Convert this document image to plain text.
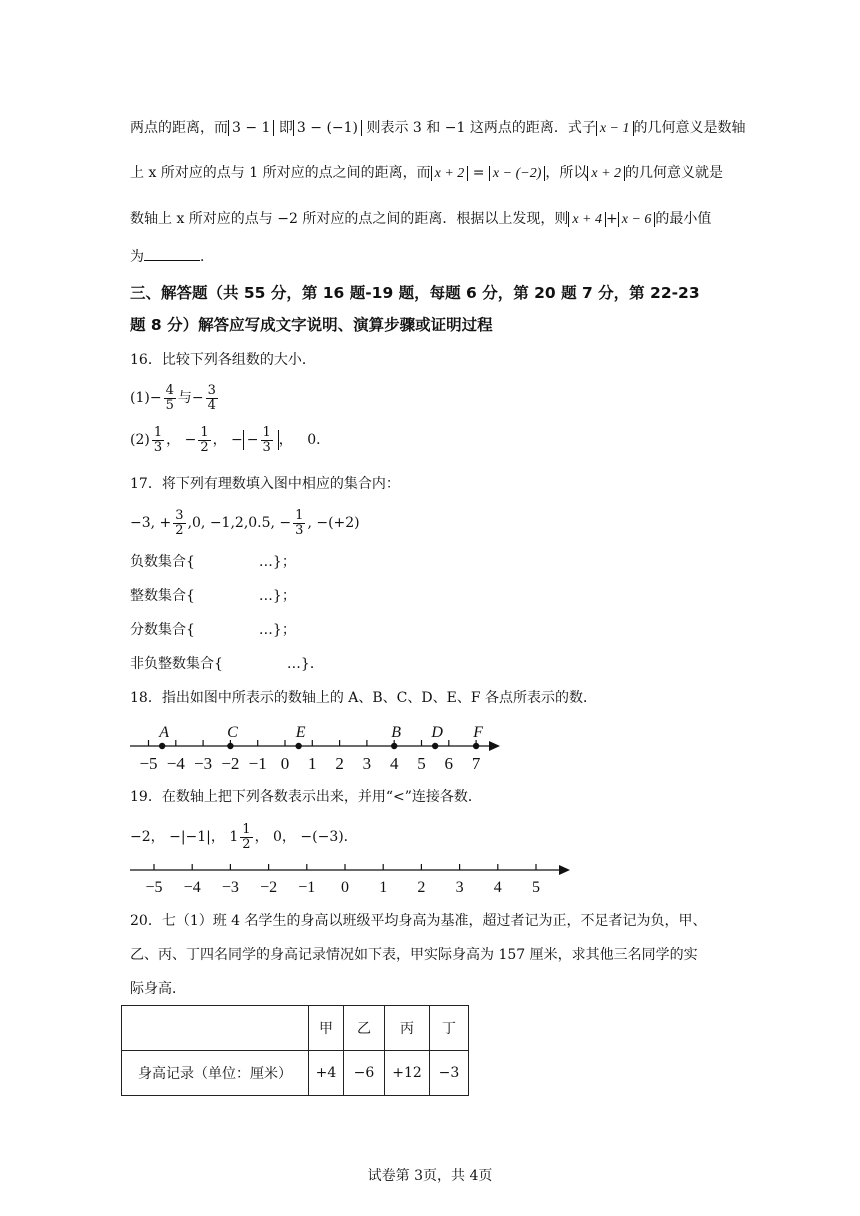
两点的距离，而 3 − 1 即 3 − (−1) 则表示 3 和 −1 这两点的距离．式子 x − 1 的几何意义是数轴
上 x 所对应的点与 1 所对应的点之间的距离，而 x + 2 = x − (−2) ，所以 x + 2 的几何意义就是
数轴上 x 所对应的点与 −2 所对应的点之间的距离．根据以上发现，则 x + 4 + x − 6 的最小值
为	．
三、解答题（共 55 分，第 16 题-19 题，每题 6 分，第 20 题 7 分，第 22-23
题 8 分）解答应写成文字说明、演算步骤或证明过程
16．比较下列各组数的大小．
$(1)- \frac{4}{5}$ 与− $\frac{3}{4}$
$(2) \frac{1}{3}$ ， − $\frac{1}{2}$ ， − − $\frac{1}{3}$ ， 0．
17．将下列有理数填入图中相应的集合内：
−3, + $\frac{3}{2} ,0$, −1,2,0.5, − $\frac{1}{3}$ , −(+2)
负数集合{	…}；
整数集合{	…}；
分数集合{	…}；
非负整数集合{	…}．
18．指出如图中所表示的数轴上的 A、B、C、D、E、F 各点所表示的数．
−5 −4 −3 −2 −1 0 1 2 3 4 5 6 7
A	C	E	B D F
19．在数轴上把下列各数表示出来，并用“<”连接各数．
−2， −|−1|， $1 \frac{1}{2}$ ， 0， −(−3)．
−5 −4 −3 −2 −1 0 1 2 3 4 5
20．七（1）班 4 名学生的身高以班级平均身高为基准，超过者记为正，不足者记为负，甲、
乙、丙、丁四名同学的身高记录情况如下表，甲实际身高为 157 厘米，求其他三名同学的实
际身高．
	甲	乙	丙	丁
身高记录（单位：厘米）	+4	−6	+12	−3
试卷第 3页，共 4页
